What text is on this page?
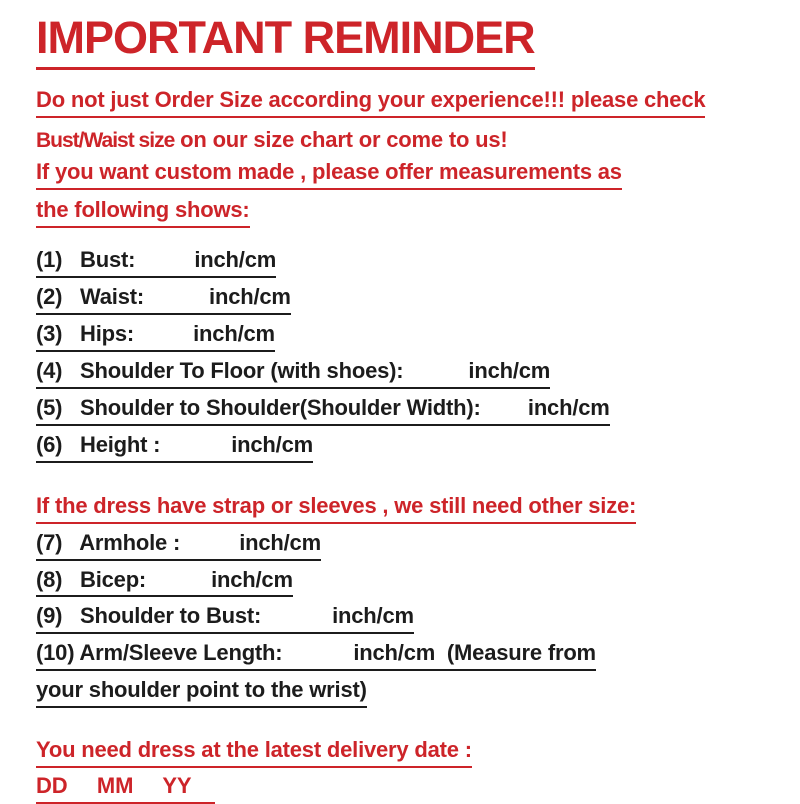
IMPORTANT REMINDER
Do not just Order Size according your experience!!! please check
Bust/Waist size on our size chart or come to us!
If you want custom made , please offer measurements as
the following shows:
(1)   Bust:          inch/cm
(2)   Waist:           inch/cm
(3)   Hips:          inch/cm
(4)   Shoulder To Floor (with shoes):           inch/cm
(5)   Shoulder to Shoulder(Shoulder Width):        inch/cm
(6)   Height :            inch/cm
If the dress have strap or sleeves , we still need other size:
(7)   Armhole :          inch/cm
(8)   Bicep:           inch/cm
(9)   Shoulder to Bust:            inch/cm
(10) Arm/Sleeve Length:            inch/cm  (Measure from
your shoulder point to the wrist)
You need dress at the latest delivery date :
DD     MM     YY
